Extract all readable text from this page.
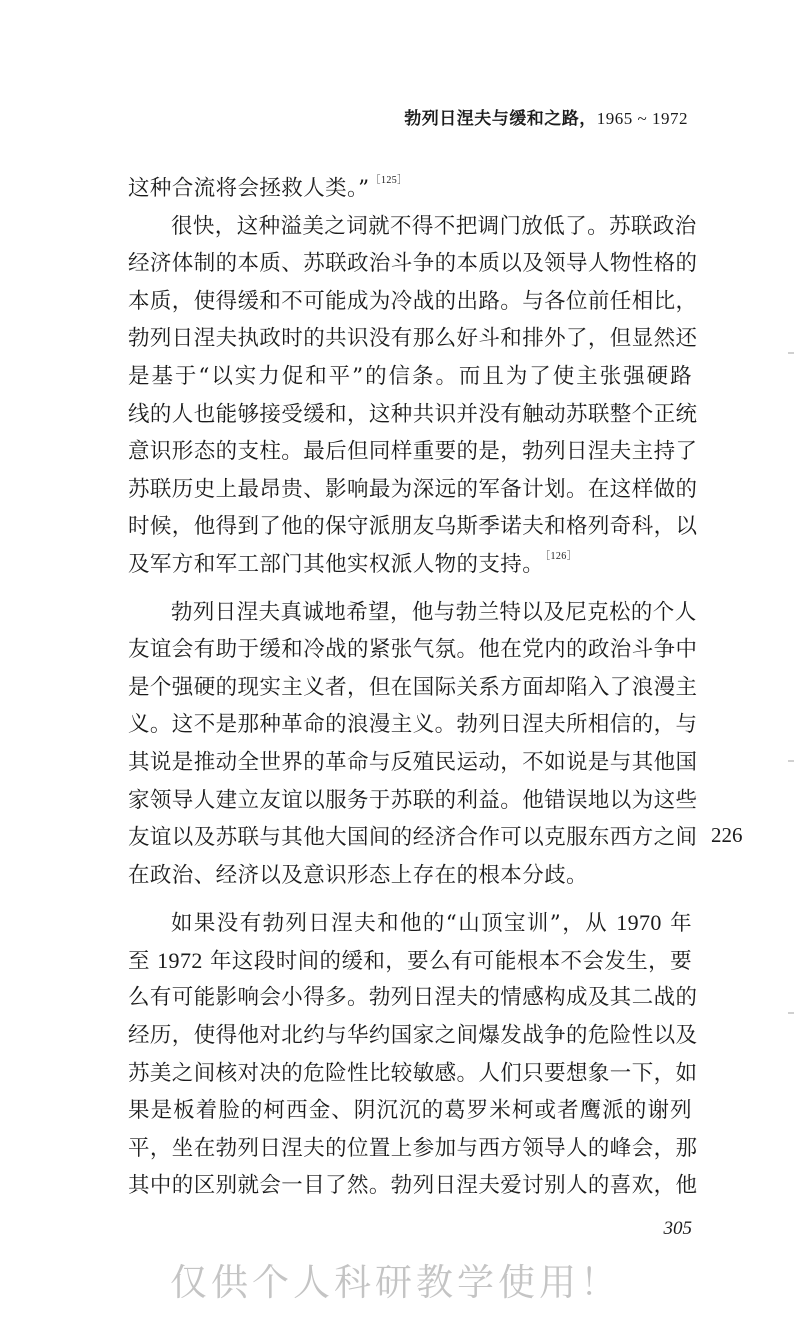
勃列日涅夫与缓和之路，1965 ~ 1972
这种合流将会拯救人类。”$^{[125]}$
很快，这种溢美之词就不得不把调门放低了。苏联政治
经济体制的本质、苏联政治斗争的本质以及领导人物性格的
本质，使得缓和不可能成为冷战的出路。与各位前任相比，
勃列日涅夫执政时的共识没有那么好斗和排外了，但显然还
是基于“以实力促和平”的信条。而且为了使主张强硬路
线的人也能够接受缓和，这种共识并没有触动苏联整个正统
意识形态的支柱。最后但同样重要的是，勃列日涅夫主持了
苏联历史上最昂贵、影响最为深远的军备计划。在这样做的
时候，他得到了他的保守派朋友乌斯季诺夫和格列奇科，以
及军方和军工部门其他实权派人物的支持。$^{[126]}$
勃列日涅夫真诚地希望，他与勃兰特以及尼克松的个人
友谊会有助于缓和冷战的紧张气氛。他在党内的政治斗争中
是个强硬的现实主义者，但在国际关系方面却陷入了浪漫主
义。这不是那种革命的浪漫主义。勃列日涅夫所相信的，与
其说是推动全世界的革命与反殖民运动，不如说是与其他国
家领导人建立友谊以服务于苏联的利益。他错误地以为这些
友谊以及苏联与其他大国间的经济合作可以克服东西方之间
在政治、经济以及意识形态上存在的根本分歧。
如果没有勃列日涅夫和他的“山顶宝训”，从 1970 年
至 1972 年这段时间的缓和，要么有可能根本不会发生，要
么有可能影响会小得多。勃列日涅夫的情感构成及其二战的
经历，使得他对北约与华约国家之间爆发战争的危险性以及
苏美之间核对决的危险性比较敏感。人们只要想象一下，如
果是板着脸的柯西金、阴沉沉的葛罗米柯或者鹰派的谢列
平，坐在勃列日涅夫的位置上参加与西方领导人的峰会，那
其中的区别就会一目了然。勃列日涅夫爱讨别人的喜欢，他
226
305
仅供个人科研教学使用！
